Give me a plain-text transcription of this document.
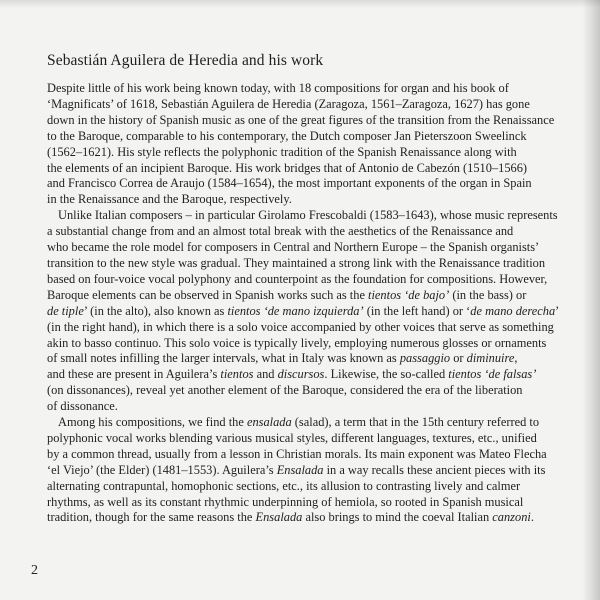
Sebastián Aguilera de Heredia and his work
Despite little of his work being known today, with 18 compositions for organ and his book of
‘Magnificats’ of 1618, Sebastián Aguilera de Heredia (Zaragoza, 1561–Zaragoza, 1627) has gone
down in the history of Spanish music as one of the great figures of the transition from the Renaissance
to the Baroque, comparable to his contemporary, the Dutch composer Jan Pieterszoon Sweelinck
(1562–1621). His style reflects the polyphonic tradition of the Spanish Renaissance along with
the elements of an incipient Baroque. His work bridges that of Antonio de Cabezón (1510–1566)
and Francisco Correa de Araujo (1584–1654), the most important exponents of the organ in Spain
in the Renaissance and the Baroque, respectively.
Unlike Italian composers – in particular Girolamo Frescobaldi (1583–1643), whose music represents
a substantial change from and an almost total break with the aesthetics of the Renaissance and
who became the role model for composers in Central and Northern Europe – the Spanish organists’
transition to the new style was gradual. They maintained a strong link with the Renaissance tradition
based on four-voice vocal polyphony and counterpoint as the foundation for compositions. However,
Baroque elements can be observed in Spanish works such as the tientos ‘de bajo’ (in the bass) or
de tiple’ (in the alto), also known as tientos ‘de mano izquierda’ (in the left hand) or ‘de mano derecha’
(in the right hand), in which there is a solo voice accompanied by other voices that serve as something
akin to basso continuo. This solo voice is typically lively, employing numerous glosses or ornaments
of small notes infilling the larger intervals, what in Italy was known as passaggio or diminuire,
and these are present in Aguilera’s tientos and discursos. Likewise, the so-called tientos ‘de falsas’
(on dissonances), reveal yet another element of the Baroque, considered the era of the liberation
of dissonance.
Among his compositions, we find the ensalada (salad), a term that in the 15th century referred to
polyphonic vocal works blending various musical styles, different languages, textures, etc., unified
by a common thread, usually from a lesson in Christian morals. Its main exponent was Mateo Flecha
‘el Viejo’ (the Elder) (1481–1553). Aguilera’s Ensalada in a way recalls these ancient pieces with its
alternating contrapuntal, homophonic sections, etc., its allusion to contrasting lively and calmer
rhythms, as well as its constant rhythmic underpinning of hemiola, so rooted in Spanish musical
tradition, though for the same reasons the Ensalada also brings to mind the coeval Italian canzoni.
2
